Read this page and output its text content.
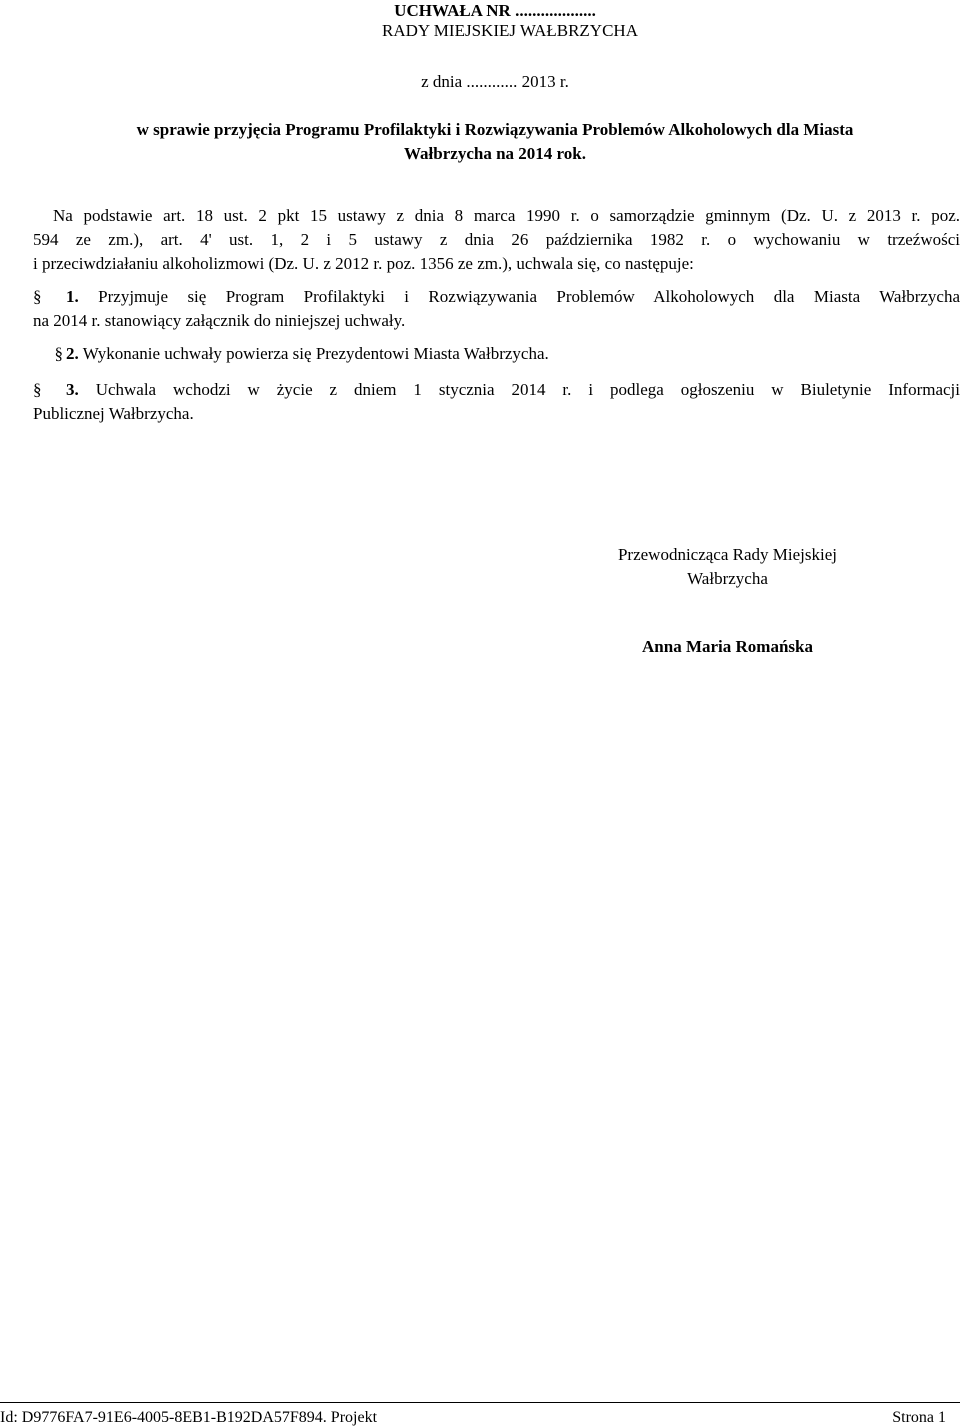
UCHWAŁA NR ...................
RADY MIEJSKIEJ WAŁBRZYCHA
z dnia ............ 2013 r.
w sprawie przyjęcia Programu Profilaktyki i Rozwiązywania Problemów Alkoholowych dla Miasta
Wałbrzycha na 2014 rok.
Na podstawie art. 18 ust. 2 pkt 15 ustawy z dnia 8 marca 1990 r. o samorządzie gminnym (Dz. U. z 2013 r. poz.
594 ze zm.), art. 4' ust. 1, 2 i 5 ustawy z dnia 26 października 1982 r. o wychowaniu w trzeźwości
i przeciwdziałaniu alkoholizmowi (Dz. U. z 2012 r. poz. 1356 ze zm.), uchwala się, co następuje:
§ 1. Przyjmuje się Program Profilaktyki i Rozwiązywania Problemów Alkoholowych dla Miasta Wałbrzycha
na 2014 r. stanowiący załącznik do niniejszej uchwały.
§ 2. Wykonanie uchwały powierza się Prezydentowi Miasta Wałbrzycha.
§ 3. Uchwala wchodzi w życie z dniem 1 stycznia 2014 r. i podlega ogłoszeniu w Biuletynie Informacji
Publicznej Wałbrzycha.
Przewodnicząca Rady Miejskiej
Wałbrzycha
Anna Maria Romańska
Id: D9776FA7-91E6-4005-8EB1-B192DA57F894. Projekt	Strona 1
